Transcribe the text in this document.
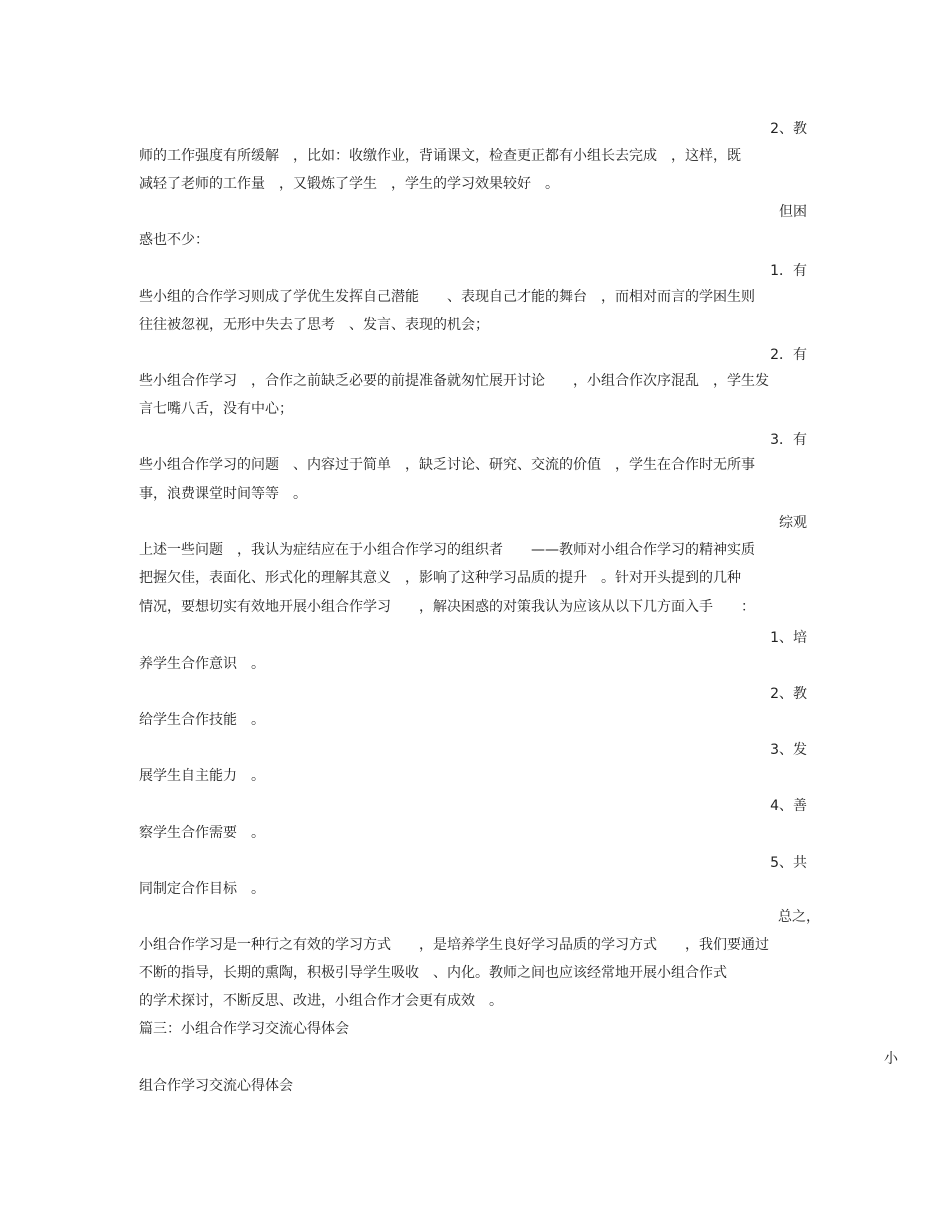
2、教

师的工作强度有所缓解　，比如：收缴作业，背诵课文，检查更正都有小组长去完成　，这样，既

减轻了老师的工作量　，又锻炼了学生　，学生的学习效果较好　。

但困

惑也不少：

1．有

些小组的合作学习则成了学优生发挥自己潜能　　、表现自己才能的舞台　，而相对而言的学困生则

往往被忽视，无形中失去了思考　、发言、表现的机会；

2．有

些小组合作学习　，合作之前缺乏必要的前提准备就匆忙展开讨论　　，小组合作次序混乱　，学生发

言七嘴八舌，没有中心；

3．有

些小组合作学习的问题　、内容过于简单　，缺乏讨论、研究、交流的价值　，学生在合作时无所事

事，浪费课堂时间等等　。

综观

上述一些问题　，我认为症结应在于小组合作学习的组织者　　——教师对小组合作学习的精神实质

把握欠佳，表面化、形式化的理解其意义　，影响了这种学习品质的提升　。针对开头提到的几种

情况，要想切实有效地开展小组合作学习　　，解决困惑的对策我认为应该从以下几方面入手　　：

1、培

养学生合作意识　。

2、教

给学生合作技能　。

3、发

展学生自主能力　。

4、善

察学生合作需要　。

5、共

同制定合作目标　。

总之，

小组合作学习是一种行之有效的学习方式　　，是培养学生良好学习品质的学习方式　　，我们要通过

不断的指导，长期的熏陶，积极引导学生吸收　、内化。教师之间也应该经常地开展小组合作式

的学术探讨，不断反思、改进，小组合作才会更有成效　。

篇三：小组合作学习交流心得体会

小

组合作学习交流心得体会
